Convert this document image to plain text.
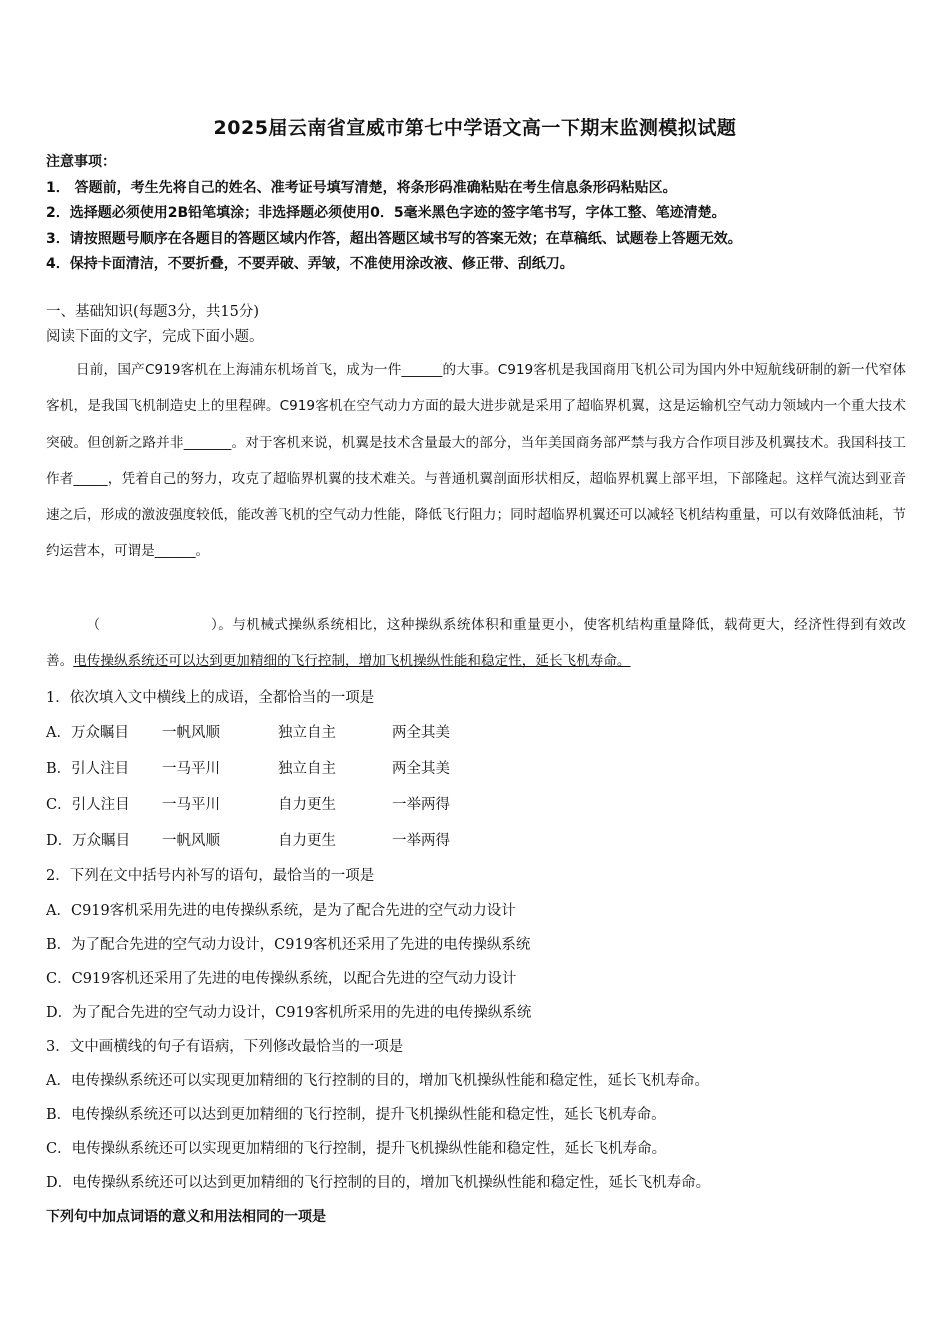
2025届云南省宣威市第七中学语文高一下期末监测模拟试题
注意事项：
1． 答题前，考生先将自己的姓名、准考证号填写清楚，将条形码准确粘贴在考生信息条形码粘贴区。
2．选择题必须使用2B铅笔填涂；非选择题必须使用0．5毫米黑色字迹的签字笔书写，字体工整、笔迹清楚。
3．请按照题号顺序在各题目的答题区域内作答，超出答题区域书写的答案无效；在草稿纸、试题卷上答题无效。
4．保持卡面清洁，不要折叠，不要弄破、弄皱，不准使用涂改液、修正带、刮纸刀。
一、基础知识(每题3分，共15分)
阅读下面的文字，完成下面小题。

日前，国产C919客机在上海浦东机场首飞，成为一件______的大事。C919客机是我国商用飞机公司为国内外中短航线研制的新一代窄体客机，是我国飞机制造史上的里程碑。C919客机在空气动力方面的最大进步就是采用了超临界机翼，这是运输机空气动力领域内一个重大技术突破。但创新之路并非_______。对于客机来说，机翼是技术含量最大的部分，当年美国商务部严禁与我方合作项目涉及机翼技术。我国科技工作者_____，凭着自己的努力，攻克了超临界机翼的技术难关。与普通机翼剖面形状相反，超临界机翼上部平坦，下部隆起。这样气流达到亚音速之后，形成的激波强度较低，能改善飞机的空气动力性能，降低飞行阻力；同时超临界机翼还可以减轻飞机结构重量，可以有效降低油耗，节约运营本，可谓是______。

（	）。与机械式操纵系统相比，这种操纵系统体积和重量更小，使客机结构重量降低，载荷更大，经济性得到有效改善。电传操纵系统还可以达到更加精细的飞行控制，增加飞机操纵性能和稳定性，延长飞机寿命。
1．依次填入文中横线上的成语，全都恰当的一项是
A．万众瞩目 一帆风顺	独立自主	两全其美
B．引人注目 一马平川	独立自主	两全其美
C．引人注目 一马平川	自力更生	一举两得
D．万众瞩目 一帆风顺	自力更生	一举两得
2．下列在文中括号内补写的语句，最恰当的一项是
A．C919客机采用先进的电传操纵系统，是为了配合先进的空气动力设计
B．为了配合先进的空气动力设计，C919客机还采用了先进的电传操纵系统
C．C919客机还采用了先进的电传操纵系统，以配合先进的空气动力设计
D．为了配合先进的空气动力设计，C919客机所采用的先进的电传操纵系统
3．文中画横线的句子有语病，下列修改最恰当的一项是
A．电传操纵系统还可以实现更加精细的飞行控制的目的，增加飞机操纵性能和稳定性，延长飞机寿命。
B．电传操纵系统还可以达到更加精细的飞行控制，提升飞机操纵性能和稳定性，延长飞机寿命。
C．电传操纵系统还可以实现更加精细的飞行控制，提升飞机操纵性能和稳定性，延长飞机寿命。
D．电传操纵系统还可以达到更加精细的飞行控制的目的，增加飞机操纵性能和稳定性，延长飞机寿命。
下列句中加点词语的意义和用法相同的一项是
